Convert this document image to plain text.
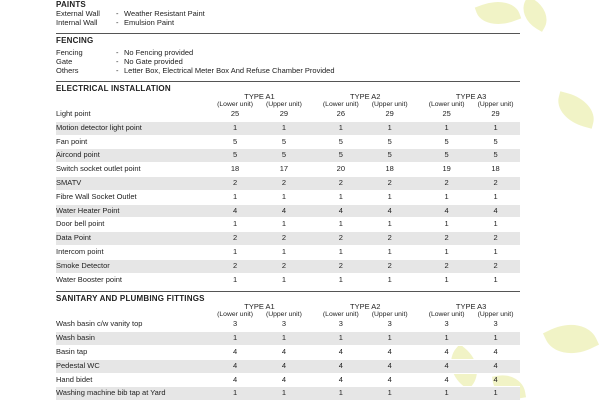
PAINTS
External Wall	- Weather Resistant Paint
Internal Wall	- Emulsion Paint
FENCING
Fencing	- No Fencing provided
Gate	- No Gate provided
Others	- Letter Box, Electrical Meter Box And Refuse Chamber Provided
ELECTRICAL INSTALLATION
	TYPE A1			TYPE A2			TYPE A3	
	(Lower unit)	(Upper unit)		(Lower unit)	(Upper unit)		(Lower unit)	(Upper unit)
Light point	25	29		26	29		25	29
Motion detector light point	1	1		1	1		1	1
Fan point	5	5		5	5		5	5
Aircond point	5	5		5	5		5	5
Switch socket outlet point	18	17		20	18		19	18
SMATV	2	2		2	2		2	2
Fibre Wall Socket Outlet	1	1		1	1		1	1
Water Heater Point	4	4		4	4		4	4
Door bell point	1	1		1	1		1	1
Data Point	2	2		2	2		2	2
Intercom point	1	1		1	1		1	1
Smoke Detector	2	2		2	2		2	2
Water Booster point	1	1		1	1		1	1
SANITARY AND PLUMBING FITTINGS
	TYPE A1			TYPE A2			TYPE A3	
	(Lower unit)	(Upper unit)		(Lower unit)	(Upper unit)		(Lower unit)	(Upper unit)
Wash basin c/w vanity top	3	3		3	3		3	3
Wash basin	1	1		1	1		1	1
Basin tap	4	4		4	4		4	4
Pedestal WC	4	4		4	4		4	4
Hand bidet	4	4		4	4		4	4
Washing machine bib tap at Yard	1	1		1	1		1	1
